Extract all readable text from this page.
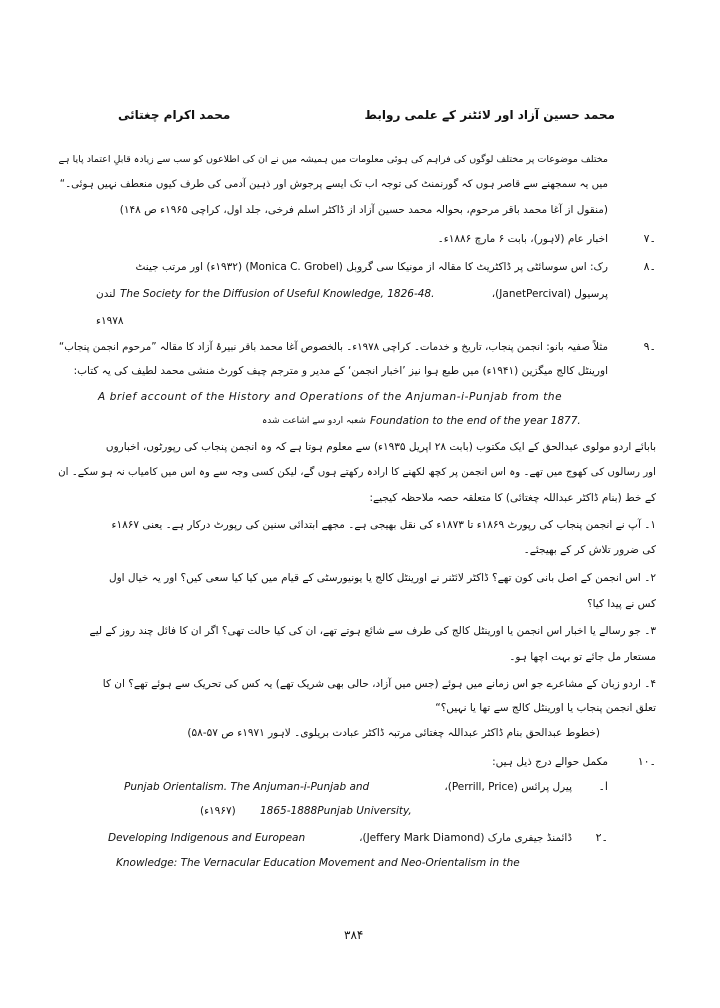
محمد حسین آزاد اور لائٹنر کے علمی روابط
محمد اکرام چغتائی
مختلف موضوعات پر مختلف لوگوں کی فراہم کی ہوئی معلومات میں ہمیشہ میں نے ان کی اطلاعوں کو سب سے زیادہ قابلِ اعتماد پایا ہے
میں یہ سمجھنے سے قاصر ہوں کہ گورنمنٹ کی توجہ اب تک ایسے پرجوش اور ذہین آدمی کی طرف کیوں منعطف نہیں ہوئی۔“
(منقول از آغا محمد باقر مرحوم، بحوالہ محمد حسین آزاد از ڈاکٹر اسلم فرخی، جلد اول، کراچی ۱۹۶۵ء ص ۱۴۸)
۔۷
اخبار عام (لاہور)، بابت ۶ مارچ ۱۸۸۶ء۔
۔۸
رک: اس سوسائٹی پر ڈاکٹریٹ کا مقالہ از مونیکا سی گروبل (Monica C. Grobel) (۱۹۳۲ء) اور مرتب جینٹ
پرسیول (JanetPercival)،
The Society for the Diffusion of Useful Knowledge, 1826-48.
لندن
۱۹۷۸ء
۔۹
مثلاً صفیہ بانو: انجمن پنجاب، تاریخ و خدمات۔ کراچی ۱۹۷۸ء۔ بالخصوص آغا محمد باقر نبیرۂ آزاد کا مقالہ ”مرحوم انجمن پنجاب“
اورینٹل کالج میگزین (۱۹۴۱ء) میں طبع ہوا نیز ’اخبار انجمن‘ کے مدیر و مترجم چیف کورٹ منشی محمد لطیف کی یہ کتاب:
A brief account of the History and Operations of the Anjuman-i-Punjab from the
Foundation to the end of the year 1877.
شعبہ اردو سے اشاعت شدہ
بابائے اردو مولوی عبدالحق کے ایک مکتوب (بابت ۲۸ اپریل ۱۹۳۵ء) سے معلوم ہوتا ہے کہ وہ انجمن پنجاب کی رپورٹوں، اخباروں
اور رسالوں کی کھوج میں تھے۔ وہ اس انجمن پر کچھ لکھنے کا ارادہ رکھتے ہوں گے، لیکن کسی وجہ سے وہ اس میں کامیاب نہ ہو سکے۔ ان
کے خط (بنام ڈاکٹر عبداللہ چغتائی) کا متعلقہ حصہ ملاحظہ کیجیے:
۱۔ آپ نے انجمن پنجاب کی رپورٹ ۱۸۶۹ء تا ۱۸۷۳ء کی نقل بھیجی ہے۔ مجھے ابتدائی سنین کی رپورٹ درکار ہے۔ یعنی ۱۸۶۷ء
کی ضرور تلاش کر کے بھیجئے۔
۲۔ اس انجمن کے اصل بانی کون تھے؟ ڈاکٹر لائٹنر نے اورینٹل کالج یا یونیورسٹی کے قیام میں کیا کیا سعی کیں؟ اور یہ خیال اول
کس نے پیدا کیا؟
۳۔ جو رسالے یا اخبار اس انجمن یا اورینٹل کالج کی طرف سے شائع ہوتے تھے، ان کی کیا حالت تھی؟ اگر ان کا فائل چند روز کے لیے
مستعار مل جائے تو بہت اچھا ہو۔
۴۔ اردو زبان کے مشاعرے جو اس زمانے میں ہوئے (جس میں آزاد، حالی بھی شریک تھے) یہ کس کی تحریک سے ہوئے تھے؟ ان کا
تعلق انجمن پنجاب یا اورینٹل کالج سے تھا یا نہیں؟“
(خطوط عبدالحق بنام ڈاکٹر عبداللہ چغتائی مرتبہ ڈاکٹر عبادت بریلوی۔ لاہور ۱۹۷۱ء ص ۵۷-۵۸)
۔۱۰
مکمل حوالے درج ذیل ہیں:
ا۔
پیرل پرائس (Perrill, Price)،
Punjab Orientalism. The Anjuman-i-Punjab and
1865-1888Punjab University,
(۱۹۶۷ء)
۲۔
ڈائمنڈ جیفری مارک (Jeffery Mark Diamond)،
Developing Indigenous and European
Knowledge: The Vernacular Education Movement and Neo-Orientalism in the
۳۸۴
